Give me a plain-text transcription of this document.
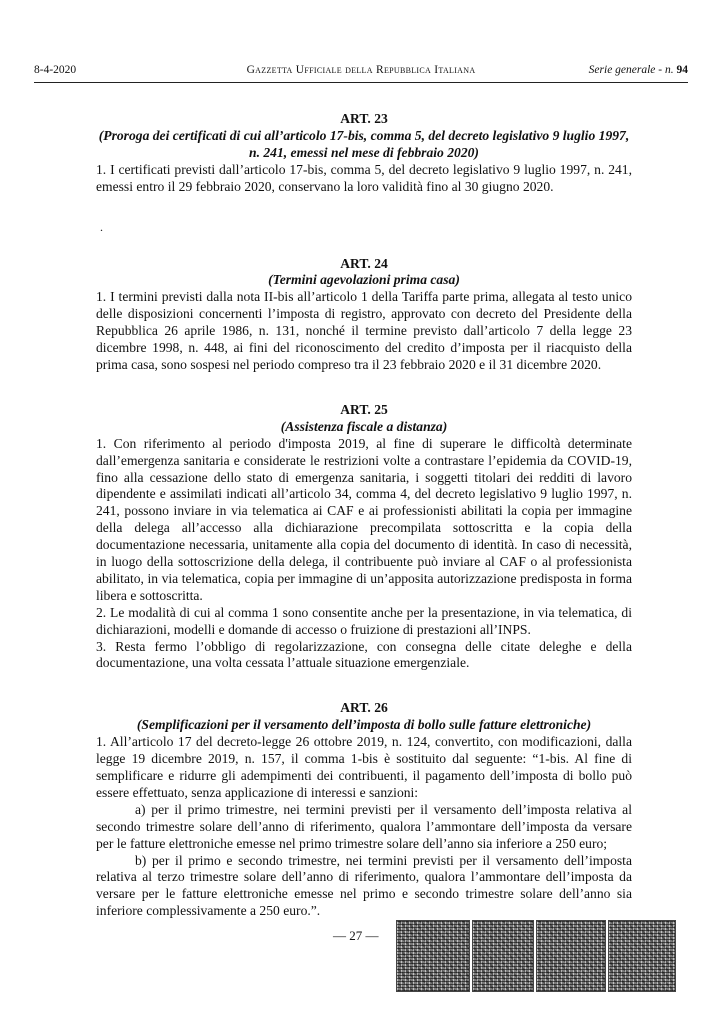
8-4-2020	Gazzetta Ufficiale della Repubblica Italiana	Serie generale - n. 94
.

ART. 23

(Proroga dei certificati di cui all’articolo 17-bis, comma 5, del decreto legislativo 9 luglio 1997, n. 241, emessi nel mese di febbraio 2020)

1. I certificati previsti dall’articolo 17-bis, comma 5, del decreto legislativo 9 luglio 1997, n. 241, emessi entro il 29 febbraio 2020, conservano la loro validità fino al 30 giugno 2020.

ART. 24

(Termini agevolazioni prima casa)

1. I termini previsti dalla nota II-bis all’articolo 1 della Tariffa parte prima, allegata al testo unico delle disposizioni concernenti l’imposta di registro, approvato con decreto del Presidente della Repubblica 26 aprile 1986, n. 131, nonché il termine previsto dall’articolo 7 della legge 23 dicembre 1998, n. 448, ai fini del riconoscimento del credito d’imposta per il riacquisto della prima casa, sono sospesi nel periodo compreso tra il 23 febbraio 2020 e il 31 dicembre 2020.

ART. 25

(Assistenza fiscale a distanza)

1. Con riferimento al periodo d'imposta 2019, al fine di superare le difficoltà determinate dall’emergenza sanitaria e considerate le restrizioni volte a contrastare l’epidemia da COVID-19, fino alla cessazione dello stato di emergenza sanitaria, i soggetti titolari dei redditi di lavoro dipendente e assimilati indicati all’articolo 34, comma 4, del decreto legislativo 9 luglio 1997, n. 241, possono inviare in via telematica ai CAF e ai professionisti abilitati la copia per immagine della delega all’accesso alla dichiarazione precompilata sottoscritta e la copia della documentazione necessaria, unitamente alla copia del documento di identità. In caso di necessità, in luogo della sottoscrizione della delega, il contribuente può inviare al CAF o al professionista abilitato, in via telematica, copia per immagine di un’apposita autorizzazione predisposta in forma libera e sottoscritta.

2. Le modalità di cui al comma 1 sono consentite anche per la presentazione, in via telematica, di dichiarazioni, modelli e domande di accesso o fruizione di prestazioni all’INPS.

3. Resta fermo l’obbligo di regolarizzazione, con consegna delle citate deleghe e della documentazione, una volta cessata l’attuale situazione emergenziale.

ART. 26

(Semplificazioni per il versamento dell’imposta di bollo sulle fatture elettroniche)

1. All’articolo 17 del decreto-legge 26 ottobre 2019, n. 124, convertito, con modificazioni, dalla legge 19 dicembre 2019, n. 157, il comma 1-bis è sostituito dal seguente: “1-bis. Al fine di semplificare e ridurre gli adempimenti dei contribuenti, il pagamento dell’imposta di bollo può essere effettuato, senza applicazione di interessi e sanzioni:

a) per il primo trimestre, nei termini previsti per il versamento dell’imposta relativa al secondo trimestre solare dell’anno di riferimento, qualora l’ammontare dell’imposta da versare per le fatture elettroniche emesse nel primo trimestre solare dell’anno sia inferiore a 250 euro;

b) per il primo e secondo trimestre, nei termini previsti per il versamento dell’imposta relativa al terzo trimestre solare dell’anno di riferimento, qualora l’ammontare dell’imposta da versare per le fatture elettroniche emesse nel primo e secondo trimestre solare dell’anno sia inferiore complessivamente a 250 euro.”.

— 27 —
